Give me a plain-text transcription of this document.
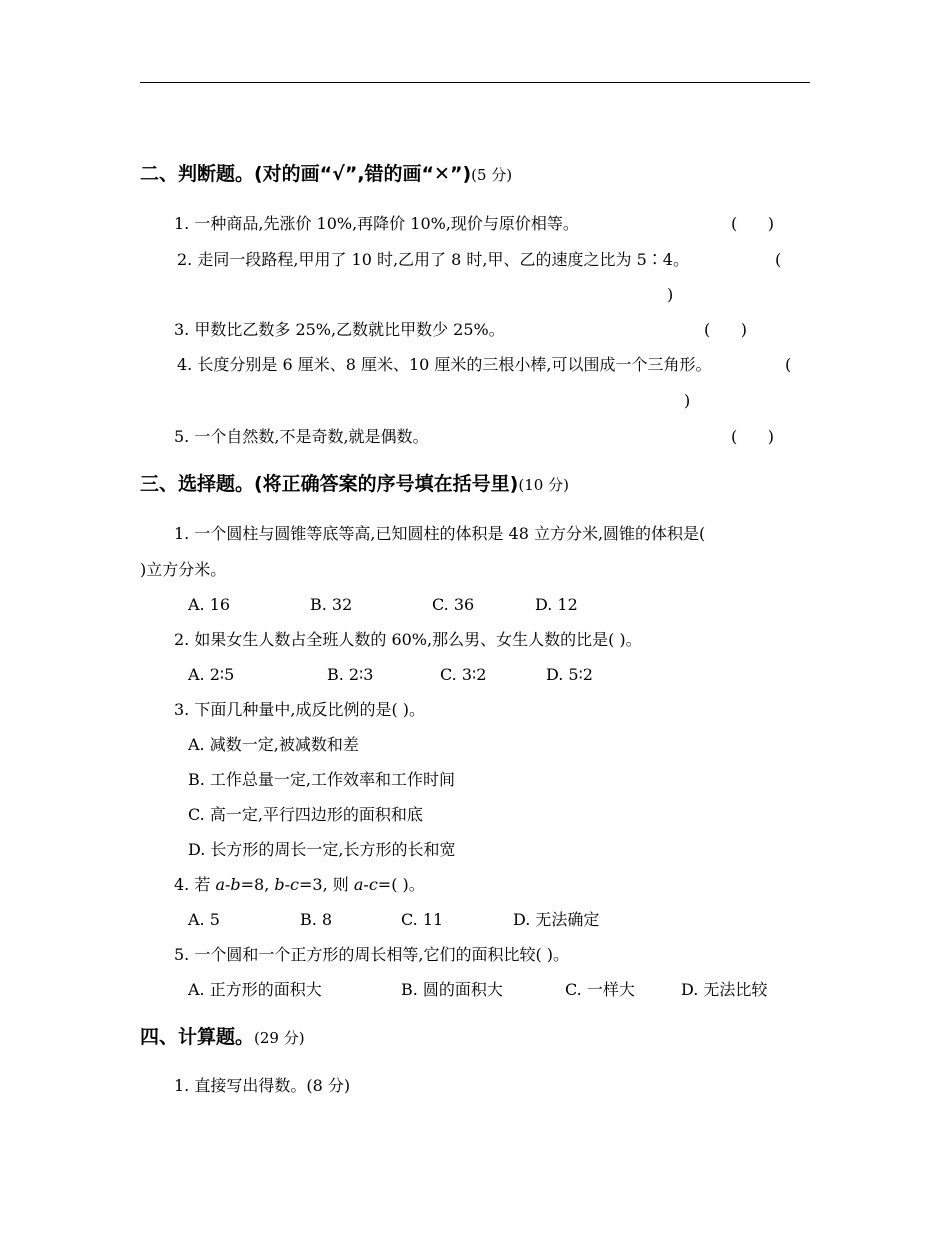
二、判断题。(对的画“√”,错的画“✕”)(5 分)
1. 一种商品,先涨价 10%,再降价 10%,现价与原价相等。	(      )
2. 走同一段路程,甲用了 10 时,乙用了 8 时,甲、乙的速度之比为 5∶4。	(
)
3. 甲数比乙数多 25%,乙数就比甲数少 25%。	(      )
4. 长度分别是 6 厘米、8 厘米、10 厘米的三根小棒,可以围成一个三角形。	(
)
5. 一个自然数,不是奇数,就是偶数。	(      )
三、选择题。(将正确答案的序号填在括号里)(10 分)
1. 一个圆柱与圆锥等底等高,已知圆柱的体积是 48 立方分米,圆锥的体积是(
)立方分米。
A. 16	B. 32	C. 36	D. 12
2. 如果女生人数占全班人数的 60%,那么男、女生人数的比是( )。
A. 2∶5	B. 2∶3	C. 3∶2	D. 5∶2
3. 下面几种量中,成反比例的是( )。
A. 减数一定,被减数和差
B. 工作总量一定,工作效率和工作时间
C. 高一定,平行四边形的面积和底
D. 长方形的周长一定,长方形的长和宽
4. 若 a-b=8, b-c=3, 则 a-c=( )。
A. 5	B. 8	C. 11	D. 无法确定
5. 一个圆和一个正方形的周长相等,它们的面积比较( )。
A. 正方形的面积大	B. 圆的面积大	C. 一样大	D. 无法比较
四、计算题。(29 分)
1. 直接写出得数。(8 分)
